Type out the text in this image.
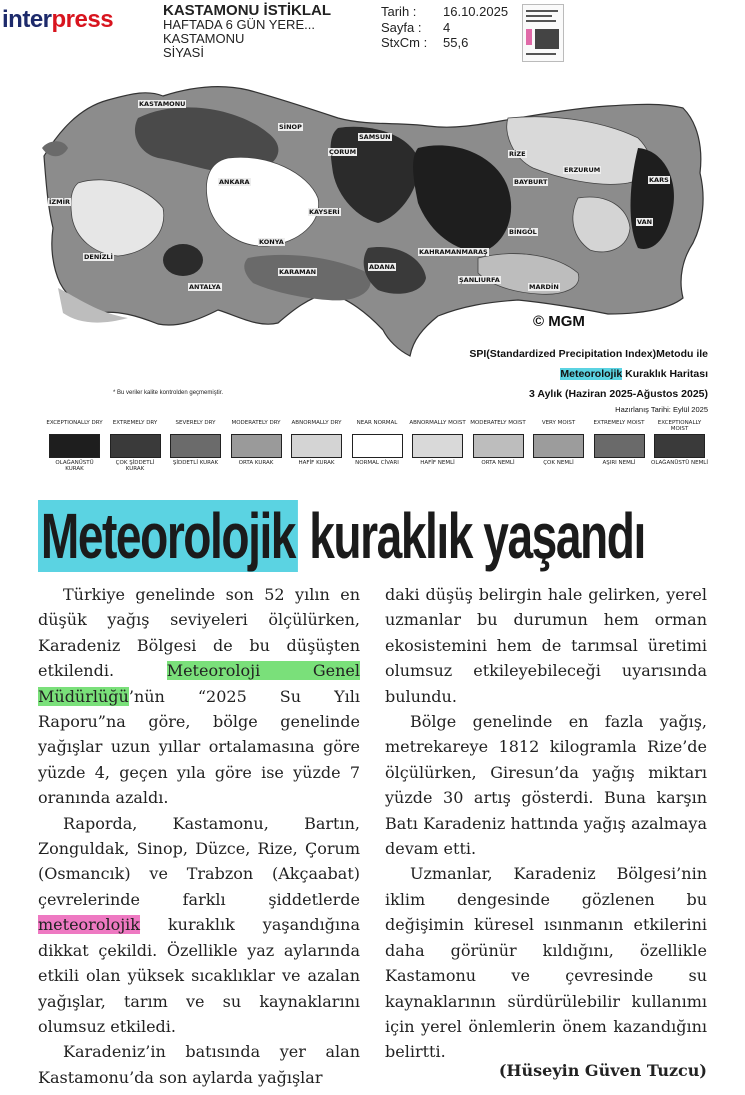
interpress	KASTAMONU İSTİKLAL
HAFTADA 6 GÜN YERE...
KASTAMONU
SİYASİ
Tarih :	16.10.2025
Sayfa :	4
StxCm :	55,6
KASTAMONU
SİNOP
ÇORUM
SAMSUN
RİZE
BAYBURT
ERZURUM
KARS
VAN
BİNGÖL
KAYSERİ
KONYA
KARAMAN
ADANA
KAHRAMANMARAŞ
ŞANLIURFA
MARDİN
ANKARA
ANTALYA
DENİZLİ
İZMİR
© MGM
SPI(Standardized Precipitation Index)Metodu ile
Meteorolojik Kuraklık Haritası
3 Aylık (Haziran 2025-Ağustos 2025)
Hazırlanış Tarihi: Eylül 2025
* Bu veriler kalite kontrolden geçmemiştir.
EXCEPTIONALLY DRY
OLAĞANÜSTÜ KURAK
EXTREMELY DRY
ÇOK ŞİDDETLİ KURAK
SEVERELY DRY
ŞİDDETLİ KURAK
MODERATELY DRY
ORTA KURAK
ABNORMALLY DRY
HAFİF KURAK
NEAR NORMAL
NORMAL CİVARI
ABNORMALLY MOIST
HAFİF NEMLİ
MODERATELY MOIST
ORTA NEMLİ
VERY MOIST
ÇOK NEMLİ
EXTREMELY MOIST
AŞIRI NEMLİ
EXCEPTIONALLY MOIST
OLAĞANÜSTÜ NEMLİ
Meteorolojik kuraklık yaşandı

Türkiye genelinde son 52 yılın en düşük yağış seviyeleri ölçülürken, Karadeniz Bölgesi de bu düşüşten etkilendi. Meteoroloji Genel Müdürlüğü’nün “2025 Su Yılı Raporu”na göre, bölge genelinde yağışlar uzun yıllar ortalamasına göre yüzde 4, geçen yıla göre ise yüzde 7 oranında azaldı.

Raporda, Kastamonu, Bartın, Zonguldak, Sinop, Düzce, Rize, Çorum (Osmancık) ve Trabzon (Akçaabat) çevrelerinde farklı şiddetlerde meteorolojik kuraklık yaşandığına dikkat çekildi. Özellikle yaz aylarında etkili olan yüksek sıcaklıklar ve azalan yağışlar, tarım ve su kaynaklarını olumsuz etkiledi.

Karadeniz’in batısında yer alan Kastamonu’da son aylarda yağışlar

daki düşüş belirgin hale gelirken, yerel uzmanlar bu durumun hem orman ekosistemini hem de tarımsal üretimi olumsuz etkileyebileceği uyarısında bulundu.

Bölge genelinde en fazla yağış, metrekareye 1812 kilogramla Rize’de ölçülürken, Giresun’da yağış miktarı yüzde 30 artış gösterdi. Buna karşın Batı Karadeniz hattında yağış azalmaya devam etti.

Uzmanlar, Karadeniz Bölgesi’nin iklim dengesinde gözlenen bu değişimin küresel ısınmanın etkilerini daha görünür kıldığını, özellikle Kastamonu ve çevresinde su kaynaklarının sürdürülebilir kullanımı için yerel önlemlerin önem kazandığını belirtti.

(Hüseyin Güven Tuzcu)
